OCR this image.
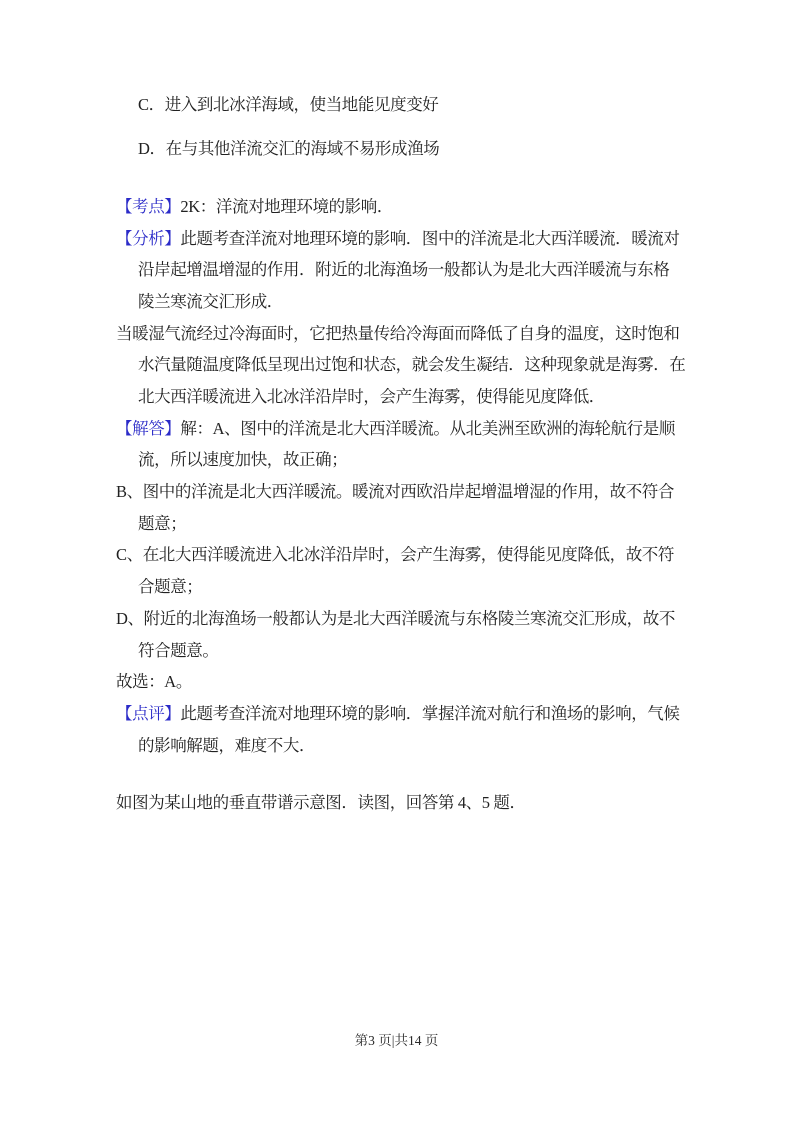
C．进入到北冰洋海域，使当地能见度变好
D．在与其他洋流交汇的海域不易形成渔场
【考点】2K：洋流对地理环境的影响．
【分析】此题考查洋流对地理环境的影响．图中的洋流是北大西洋暖流．暖流对
沿岸起增温增湿的作用．附近的北海渔场一般都认为是北大西洋暖流与东格
陵兰寒流交汇形成．
当暖湿气流经过冷海面时，它把热量传给冷海面而降低了自身的温度，这时饱和
水汽量随温度降低呈现出过饱和状态，就会发生凝结．这种现象就是海雾．在
北大西洋暖流进入北冰洋沿岸时，会产生海雾，使得能见度降低．
【解答】解：A、图中的洋流是北大西洋暖流。从北美洲至欧洲的海轮航行是顺
流，所以速度加快，故正确；
B、图中的洋流是北大西洋暖流。暖流对西欧沿岸起增温增湿的作用，故不符合
题意；
C、在北大西洋暖流进入北冰洋沿岸时，会产生海雾，使得能见度降低，故不符
合题意；
D、附近的北海渔场一般都认为是北大西洋暖流与东格陵兰寒流交汇形成，故不
符合题意。
故选：A。
【点评】此题考查洋流对地理环境的影响．掌握洋流对航行和渔场的影响，气候
的影响解题，难度不大．
如图为某山地的垂直带谱示意图．读图，回答第 4、5 题．
第3 页|共14 页
